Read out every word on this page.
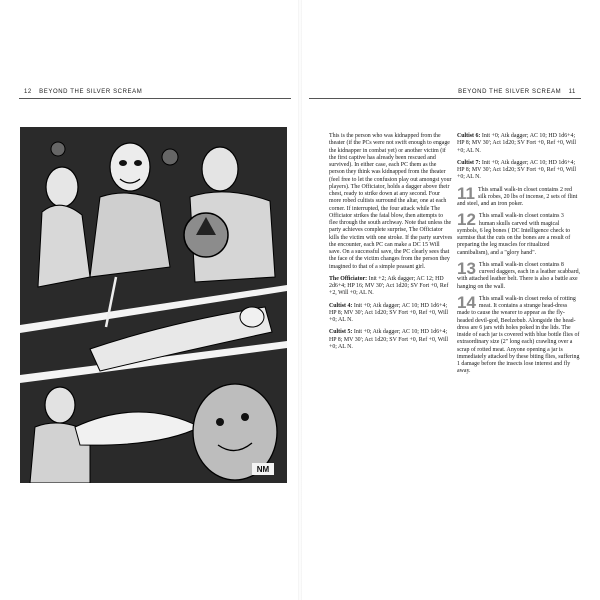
12 BEYOND THE SILVER SCREAM	BEYOND THE SILVER SCREAM 11
NM

This is the person who was kidnapped from the theater (if the PCs were not swift enough to engage the kidnapper in combat yet) or another victim (if the first captive has already been rescued and survived). In either case, each PC them as the person they think was kidnapped from the theater (feel free to let the confusion play out amongst your players). The Officiator, holds a dagger above their chest, ready to strike down at any second. Four more robed cultists surround the altar, one at each corner. If interrupted, the four attack while The Officiator strikes the fatal blow, then attempts to flee through the south archway. Note that unless the party achieves complete surprise, The Officiator kills the victim with one stroke. If the party survives the encounter, each PC can make a DC 15 Will save. On a successful save, the PC clearly sees that the face of the victim changes from the person they imagined to that of a simple peasant girl.

The Officiator: Init +2; Atk dagger; AC 12; HD 2d6+4; HP 16; MV 30'; Act 1d20; SV Fort +0, Ref +2, Will +0; AL N.

Cultist 4: Init +0; Atk dagger; AC 10; HD 1d6+4; HP 8; MV 30'; Act 1d20; SV Fort +0, Ref +0, Will +0; AL N.

Cultist 5: Init +0; Atk dagger; AC 10; HD 1d6+4; HP 8; MV 30'; Act 1d20; SV Fort +0, Ref +0, Will +0; AL N.

Cultist 6: Init +0; Atk dagger; AC 10; HD 1d6+4; HP 8; MV 30'; Act 1d20; SV Fort +0, Ref +0, Will +0; AL N.

Cultist 7: Init +0; Atk dagger; AC 10; HD 1d6+4; HP 8; MV 30'; Act 1d20; SV Fort +0, Ref +0, Will +0; AL N.

11 This small walk-in closet contains 2 red silk robes, 20 lbs of incense, 2 sets of flint and steel, and an iron poker.
12 This small walk-in closet contains 3 human skulls carved with magical symbols, 6 leg bones ( DC Intelligence check to surmise that the cuts on the bones are a result of preparing the leg muscles for ritualized cannibalism), and a "glory hand".
13 This small walk-in closet contains 8 curved daggers, each in a leather scabbard, with attached leather belt. There is also a battle axe hanging on the wall.
14 This small walk-in closet reeks of rotting meat. It contains a strange head-dress made to cause the wearer to appear as the fly-headed devil-god, Beelzebub. Alongside the head-dress are 6 jars with holes poked in the lids. The inside of each jar is covered with blue bottle flies of extraordinary size (2" long each) crawling over a scrap of rotted meat. Anyone opening a jar is immediately attacked by these biting flies, suffering 1 damage before the insects lose interest and fly away.
